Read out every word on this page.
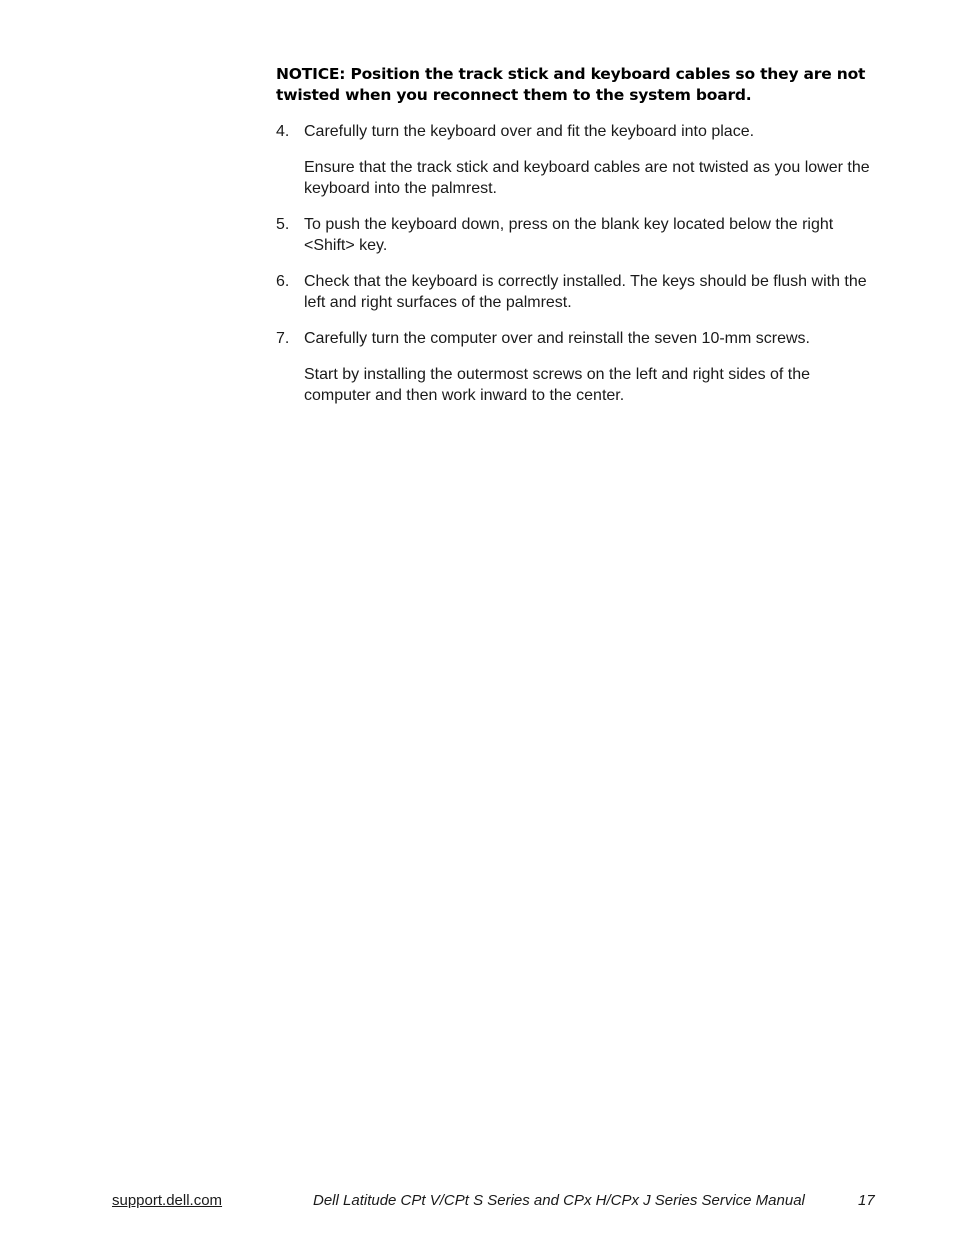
NOTICE: Position the track stick and keyboard cables so they are not twisted when you reconnect them to the system board.

4. Carefully turn the keyboard over and fit the keyboard into place.

Ensure that the track stick and keyboard cables are not twisted as you lower the keyboard into the palmrest.

5. To push the keyboard down, press on the blank key located below the right <Shift> key.

6. Check that the keyboard is correctly installed. The keys should be flush with the left and right surfaces of the palmrest.

7. Carefully turn the computer over and reinstall the seven 10-mm screws.

Start by installing the outermost screws on the left and right sides of the computer and then work inward to the center.

support.dell.com	Dell Latitude CPt V/CPt S Series and CPx H/CPx J Series Service Manual	17
